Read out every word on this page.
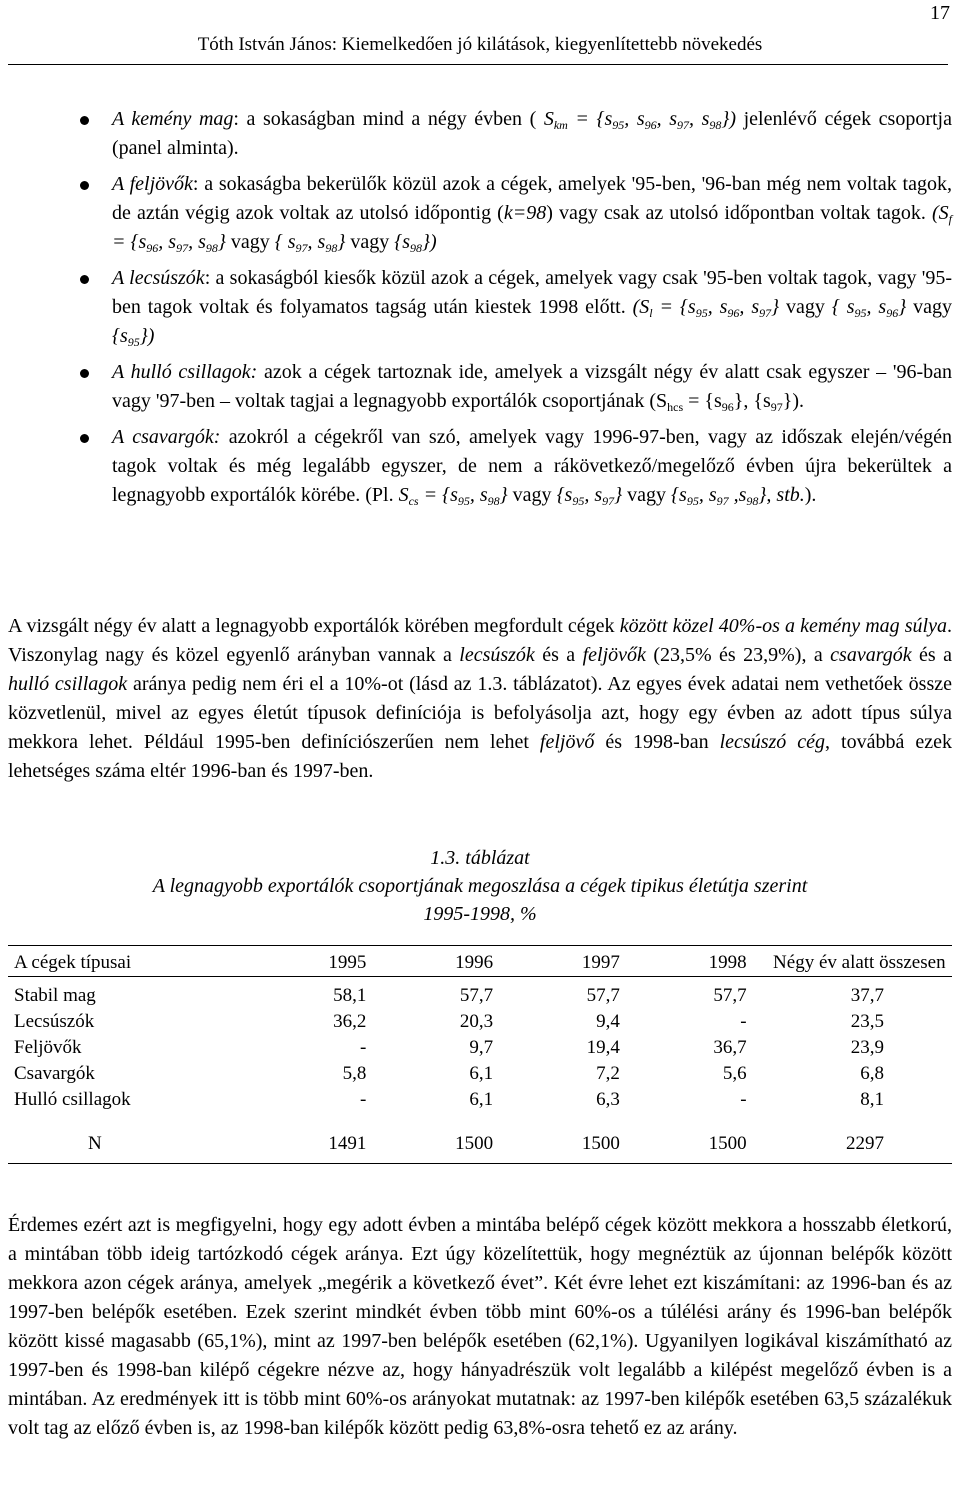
17
Tóth István János: Kiemelkedően jó kilátások, kiegyenlítettebb növekedés
A kemény mag: a sokaságban mind a négy évben ( $S_{km} = \{s_{95}$, $s_{96}$, $s_{97}$, $s_{98}$}) jelenlévő cégek csoportja (panel alminta).
A feljövők: a sokaságba bekerülők közül azok a cégek, amelyek '95-ben, '96-ban még nem voltak tagok, de aztán végig azok voltak az utolsó időpontig (k=98) vagy csak az utolsó időpontban voltak tagok. ($S_f = \{s_{96}$, $s_{97}$, $s_{98}$} vagy { $s_{97}$, $s_{98}$} vagy $\{s_{98}\}$)
A lecsúszók: a sokaságból kiesők közül azok a cégek, amelyek vagy csak '95-ben voltak tagok, vagy '95-ben tagok voltak és folyamatos tagság után kiestek 1998 előtt. ($S_l = \{s_{95}$, $s_{96}$, $s_{97}$} vagy { $s_{95}$, $s_{96}$} vagy $\{s_{95}\}$)
A hulló csillagok: azok a cégek tartoznak ide, amelyek a vizsgált négy év alatt csak egyszer – '96-ban vagy '97-ben – voltak tagjai a legnagyobb exportálók csoportjának ($S_{hcs} = \{s_{96}\}$, $\{s_{97}\}$).
A csavargók: azokról a cégekről van szó, amelyek vagy 1996-97-ben, vagy az időszak elején/végén tagok voltak és még legalább egyszer, de nem a rákövetkező/megelőző évben újra bekerültek a legnagyobb exportálók körébe. (Pl. $S_{cs} = \{s_{95}$, $s_{98}$} vagy {$s_{95}$, $s_{97}$} vagy {$s_{95}$, $s_{97}$ $,s_{98}$}, stb.).

A vizsgált négy év alatt a legnagyobb exportálók körében megfordult cégek között közel 40%-os a kemény mag súlya. Viszonylag nagy és közel egyenlő arányban vannak a lecsúszók és a feljövők (23,5% és 23,9%), a csavargók és a hulló csillagok aránya pedig nem éri el a 10%-ot (lásd az 1.3. táblázatot). Az egyes évek adatai nem vethetőek össze közvetlenül, mivel az egyes életút típusok definíciója is befolyásolja azt, hogy egy évben az adott típus súlya mekkora lehet. Például 1995-ben definíciószerűen nem lehet feljövő és 1998-ban lecsúszó cég, továbbá ezek lehetséges száma eltér 1996-ban és 1997-ben.

1.3. táblázat
A legnagyobb exportálók csoportjának megoszlása a cégek tipikus életútja szerint
1995-1998, %
A cégek típusai	1995	1996	1997	1998	Négy év alatt összesen
Stabil mag	58,1	57,7	57,7	57,7	37,7
Lecsúszók	36,2	20,3	9,4	-	23,5
Feljövők	-	9,7	19,4	36,7	23,9
Csavargók	5,8	6,1	7,2	5,6	6,8
Hulló csillagok	-	6,1	6,3	-	8,1
N	1491	1500	1500	1500	2297

Érdemes ezért azt is megfigyelni, hogy egy adott évben a mintába belépő cégek között mekkora a hosszabb életkorú, a mintában több ideig tartózkodó cégek aránya. Ezt úgy közelítettük, hogy megnéztük az újonnan belépők között mekkora azon cégek aránya, amelyek „megérik a következő évet”. Két évre lehet ezt kiszámítani: az 1996-ban és az 1997-ben belépők esetében. Ezek szerint mindkét évben több mint 60%-os a túlélési arány és 1996-ban belépők között kissé magasabb (65,1%), mint az 1997-ben belépők esetében (62,1%). Ugyanilyen logikával kiszámítható az 1997-ben és 1998-ban kilépő cégekre nézve az, hogy hányadrészük volt legalább a kilépést megelőző évben is a mintában. Az eredmények itt is több mint 60%-os arányokat mutatnak: az 1997-ben kilépők esetében 63,5 százalékuk volt tag az előző évben is, az 1998-ban kilépők között pedig 63,8%-osra tehető ez az arány.
